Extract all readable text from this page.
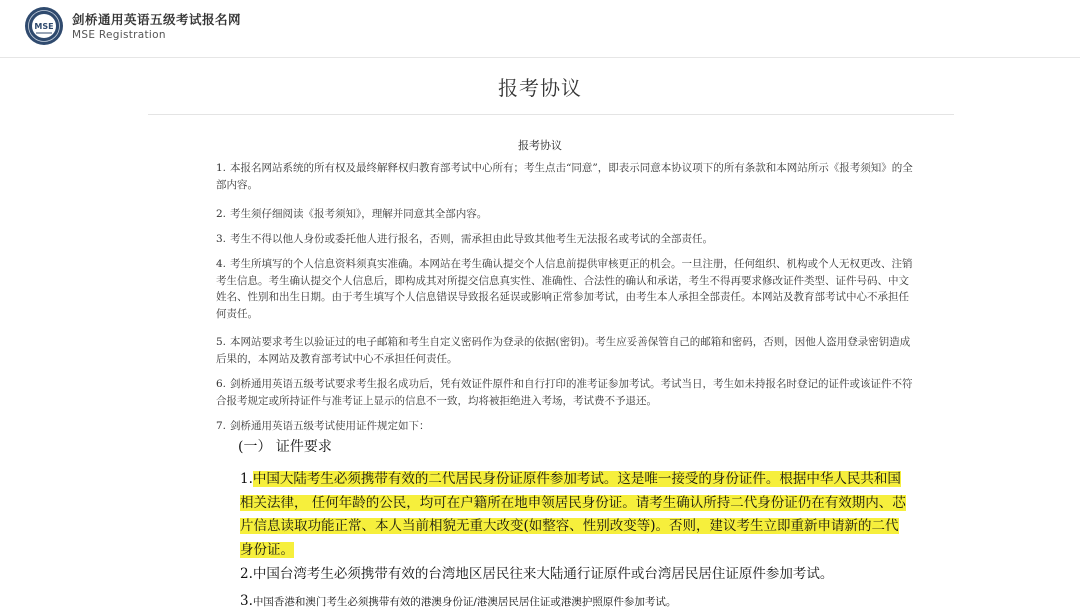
MSE 剑桥通用英语五级考试报名网
MSE Registration
报考协议
报考协议
1. 本报名网站系统的所有权及最终解释权归教育部考试中心所有；考生点击“同意”，即表示同意本协议项下的所有条款和本网站所示《报考须知》的全部内容。
2. 考生须仔细阅读《报考须知》，理解并同意其全部内容。
3. 考生不得以他人身份或委托他人进行报名，否则，需承担由此导致其他考生无法报名或考试的全部责任。
4. 考生所填写的个人信息资料须真实准确。本网站在考生确认提交个人信息前提供审核更正的机会。一旦注册，任何组织、机构或个人无权更改、注销考生信息。考生确认提交个人信息后，即构成其对所提交信息真实性、准确性、合法性的确认和承诺，考生不得再要求修改证件类型、证件号码、中文姓名、性别和出生日期。由于考生填写个人信息错误导致报名延误或影响正常参加考试，由考生本人承担全部责任。本网站及教育部考试中心不承担任何责任。
5. 本网站要求考生以验证过的电子邮箱和考生自定义密码作为登录的依据(密钥)。考生应妥善保管自己的邮箱和密码，否则，因他人盗用登录密钥造成后果的，本网站及教育部考试中心不承担任何责任。
6. 剑桥通用英语五级考试要求考生报名成功后，凭有效证件原件和自行打印的准考证参加考试。考试当日，考生如未持报名时登记的证件或该证件不符合报考规定或所持证件与准考证上显示的信息不一致，均将被拒绝进入考场，考试费不予退还。
7. 剑桥通用英语五级考试使用证件规定如下：
(一） 证件要求
1.中国大陆考生必须携带有效的二代居民身份证原件参加考试。这是唯一接受的身份证件。根据中华人民共和国相关法律， 任何年龄的公民，均可在户籍所在地申领居民身份证。请考生确认所持二代身份证仍在有效期内、芯片信息读取功能正常、本人当前相貌无重大改变(如整容、性别改变等)。否则，建议考生立即重新申请新的二代身份证。
2.中国台湾考生必须携带有效的台湾地区居民往来大陆通行证原件或台湾居民居住证原件参加考试。
3.中国香港和澳门考生必须携带有效的港澳身份证/港澳居民居住证或港澳护照原件参加考试。
